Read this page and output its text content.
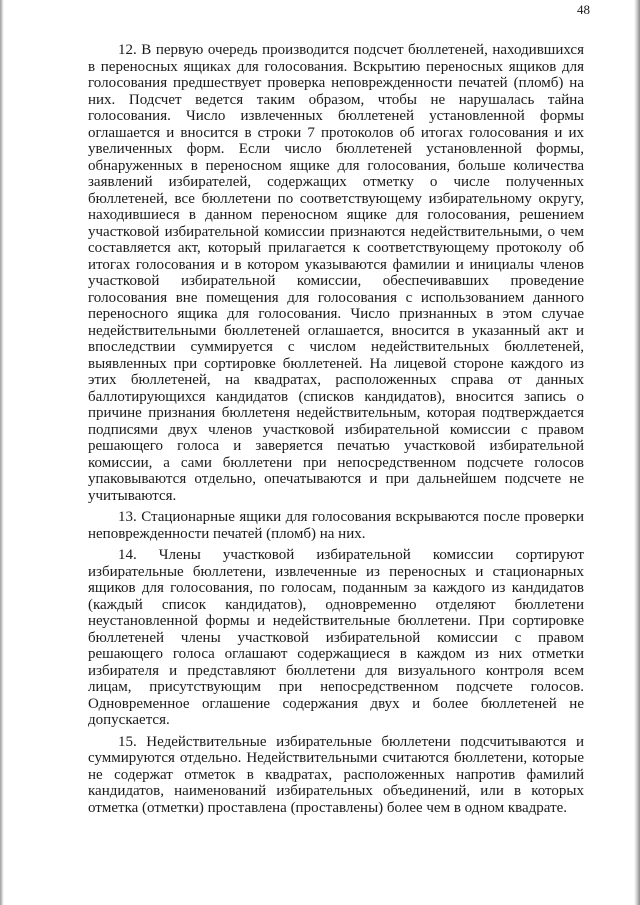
48

12. В первую очередь производится подсчет бюллетеней, находившихся в переносных ящиках для голосования. Вскрытию переносных ящиков для голосования предшествует проверка неповрежденности печатей (пломб) на них. Подсчет ведется таким образом, чтобы не нарушалась тайна голосования. Число извлеченных бюллетеней установленной формы оглашается и вносится в строки 7 протоколов об итогах голосования и их увеличенных форм. Если число бюллетеней установленной формы, обнаруженных в переносном ящике для голосования, больше количества заявлений избирателей, содержащих отметку о числе полученных бюллетеней, все бюллетени по соответствующему избирательному округу, находившиеся в данном переносном ящике для голосования, решением участковой избирательной комиссии признаются недействительными, о чем составляется акт, который прилагается к соответствующему протоколу об итогах голосования и в котором указываются фамилии и инициалы членов участковой избирательной комиссии, обеспечивавших проведение голосования вне помещения для голосования с использованием данного переносного ящика для голосования. Число признанных в этом случае недействительными бюллетеней оглашается, вносится в указанный акт и впоследствии суммируется с числом недействительных бюллетеней, выявленных при сортировке бюллетеней. На лицевой стороне каждого из этих бюллетеней, на квадратах, расположенных справа от данных баллотирующихся кандидатов (списков кандидатов), вносится запись о причине признания бюллетеня недействительным, которая подтверждается подписями двух членов участковой избирательной комиссии с правом решающего голоса и заверяется печатью участковой избирательной комиссии, а сами бюллетени при непосредственном подсчете голосов упаковываются отдельно, опечатываются и при дальнейшем подсчете не учитываются.

13. Стационарные ящики для голосования вскрываются после проверки неповрежденности печатей (пломб) на них.

14. Члены участковой избирательной комиссии сортируют избирательные бюллетени, извлеченные из переносных и стационарных ящиков для голосования, по голосам, поданным за каждого из кандидатов (каждый список кандидатов), одновременно отделяют бюллетени неустановленной формы и недействительные бюллетени. При сортировке бюллетеней члены участковой избирательной комиссии с правом решающего голоса оглашают содержащиеся в каждом из них отметки избирателя и представляют бюллетени для визуального контроля всем лицам, присутствующим при непосредственном подсчете голосов. Одновременное оглашение содержания двух и более бюллетеней не допускается.

15. Недействительные избирательные бюллетени подсчитываются и суммируются отдельно. Недействительными считаются бюллетени, которые не содержат отметок в квадратах, расположенных напротив фамилий кандидатов, наименований избирательных объединений, или в которых отметка (отметки) проставлена (проставлены) более чем в одном квадрате.
